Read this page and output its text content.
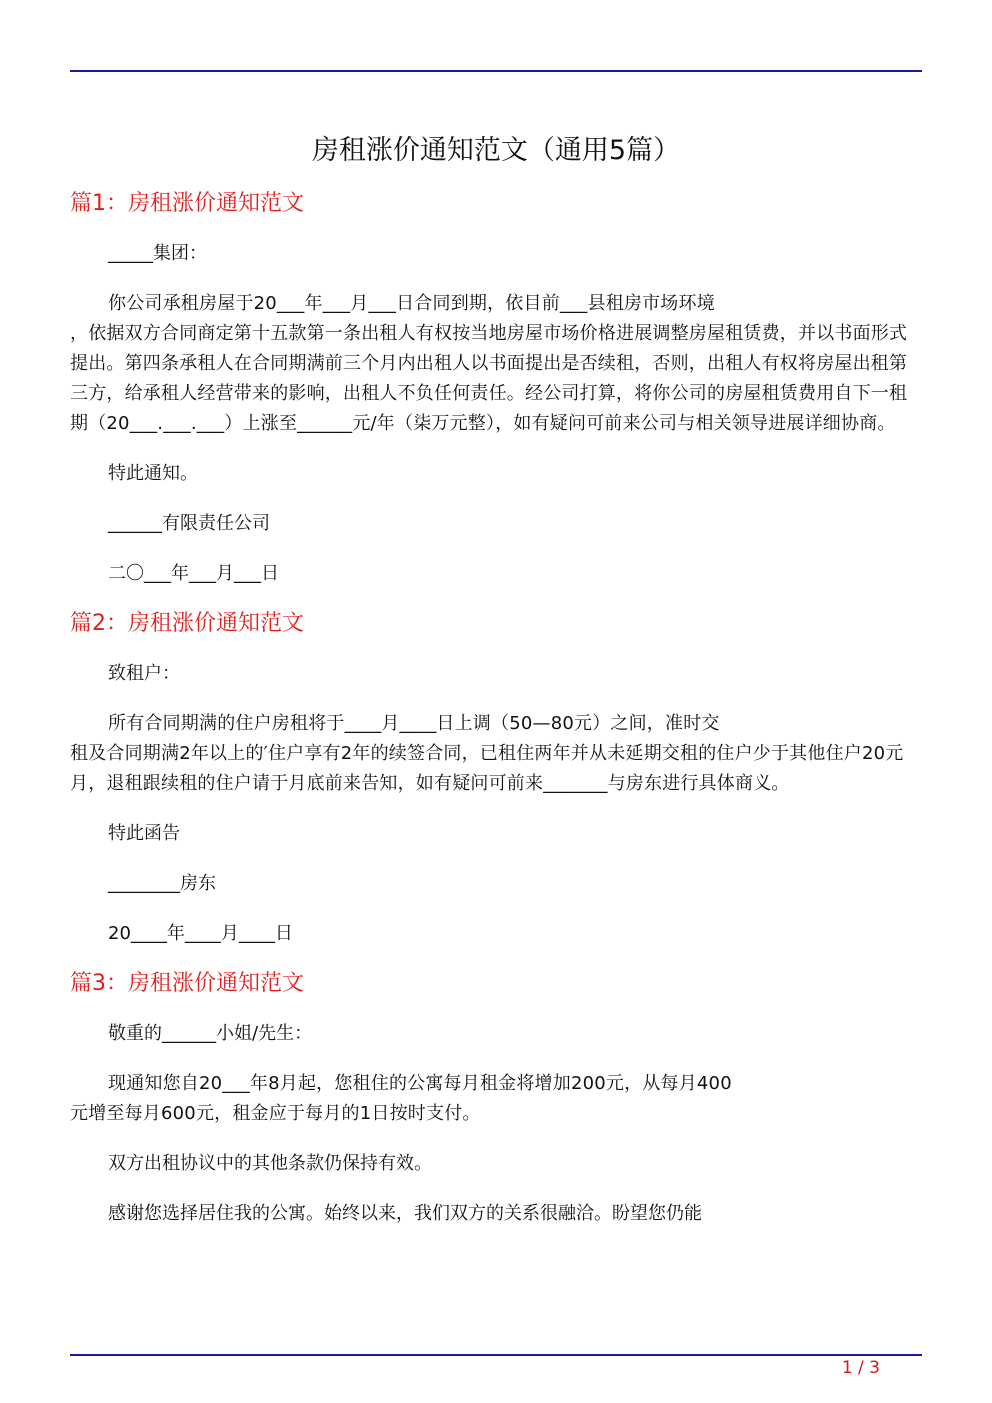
房租涨价通知范文（通用5篇）
篇1：房租涨价通知范文

_____集团：

你公司承租房屋于20___年___月___日合同到期，依目前___县租房市场环境

，依据双方合同商定第十五款第一条出租人有权按当地房屋市场价格进展调整房屋租赁费，并以书面形式提出。第四条承租人在合同期满前三个月内出租人以书面提出是否续租，否则，出租人有权将房屋出租第三方，给承租人经营带来的影响，出租人不负任何责任。经公司打算，将你公司的房屋租赁费用自下一租期（20___.___.___）上涨至______元/年（柒万元整），如有疑问可前来公司与相关领导进展详细协商。

特此通知。

______有限责任公司

二〇___年___月___日

篇2：房租涨价通知范文

致租户：

所有合同期满的住户房租将于____月____日上调（50—80元）之间，准时交

租及合同期满2年以上的′住户享有2年的续签合同，已租住两年并从未延期交租的住户少于其他住户20元月，退租跟续租的住户请于月底前来告知，如有疑问可前来_______与房东进行具体商义。

特此函告

________房东

20____年____月____日

篇3：房租涨价通知范文

敬重的______小姐/先生：

现通知您自20___年8月起，您租住的公寓每月租金将增加200元，从每月400

元增至每月600元，租金应于每月的1日按时支付。

双方出租协议中的其他条款仍保持有效。

感谢您选择居住我的公寓。始终以来，我们双方的关系很融洽。盼望您仍能

1 / 3
